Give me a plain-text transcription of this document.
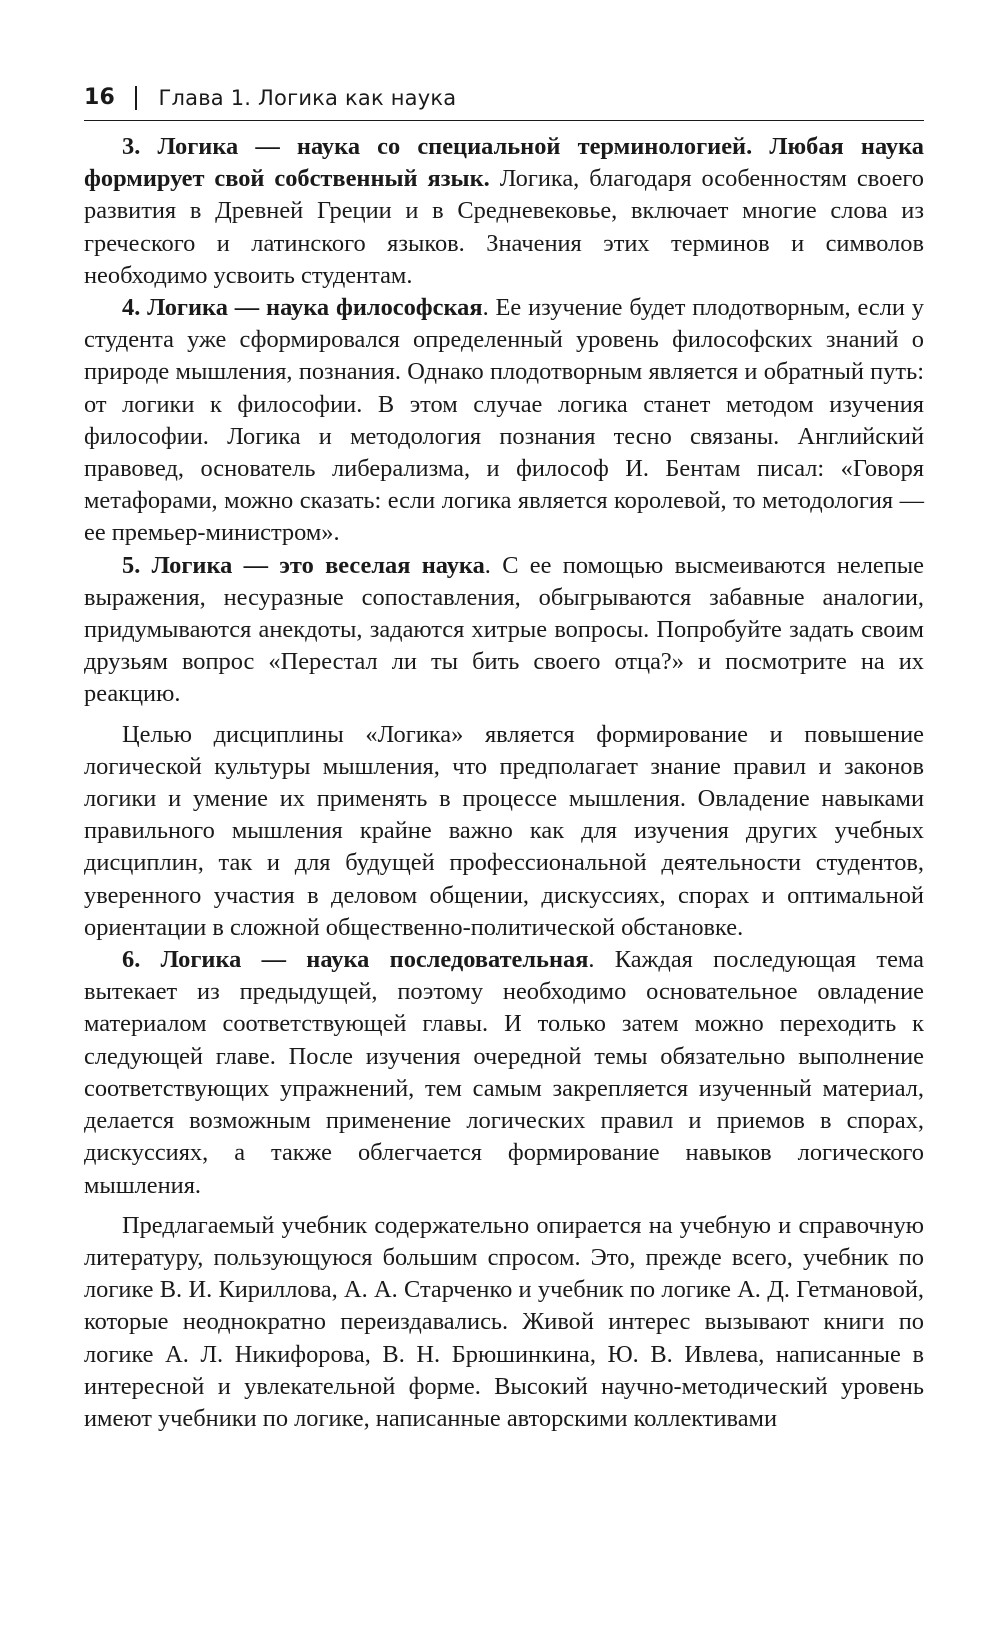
16 Глава 1. Логика как наука

3. Логика — наука со специальной терминологией. Любая наука формирует свой собственный язык. Логика, благодаря особенностям своего развития в Древней Греции и в Средневековье, включает многие слова из греческого и латинского языков. Значения этих терминов и символов необходимо усвоить студентам.

4. Логика — наука философская. Ее изучение будет плодотворным, если у студента уже сформировался определенный уровень философских знаний о природе мышления, познания. Однако плодотворным является и обратный путь: от логики к философии. В этом случае логика станет методом изучения философии. Логика и методология познания тесно связаны. Английский правовед, основатель либерализма, и философ И. Бентам писал: «Говоря метафорами, можно сказать: если логика является королевой, то методология — ее премьер-министром».

5. Логика — это веселая наука. С ее помощью высмеиваются нелепые выражения, несуразные сопоставления, обыгрываются забавные аналогии, придумываются анекдоты, задаются хитрые вопросы. Попробуйте задать своим друзьям вопрос «Перестал ли ты бить своего отца?» и посмотрите на их реакцию.

Целью дисциплины «Логика» является формирование и повышение логической культуры мышления, что предполагает знание правил и законов логики и умение их применять в процессе мышления. Овладение навыками правильного мышления крайне важно как для изучения других учебных дисциплин, так и для будущей профессиональной деятельности студентов, уверенного участия в деловом общении, дискуссиях, спорах и оптимальной ориентации в сложной общественно-политической обстановке.

6. Логика — наука последовательная. Каждая последующая тема вытекает из предыдущей, поэтому необходимо основательное овладение материалом соответствующей главы. И только затем можно переходить к следующей главе. После изучения очередной темы обязательно выполнение соответствующих упражнений, тем самым закрепляется изученный материал, делается возможным применение логических правил и приемов в спорах, дискуссиях, а также облегчается формирование навыков логического мышления.

Предлагаемый учебник содержательно опирается на учебную и справочную литературу, пользующуюся большим спросом. Это, прежде всего, учебник по логике В. И. Кириллова, А. А. Старченко и учебник по логике А. Д. Гетмановой, которые неоднократно переиздавались. Живой интерес вызывают книги по логике А. Л. Никифорова, В. Н. Брюшинкина, Ю. В. Ивлева, написанные в интересной и увлекательной форме. Высокий научно-методический уровень имеют учебники по логике, написанные авторскими коллективами
